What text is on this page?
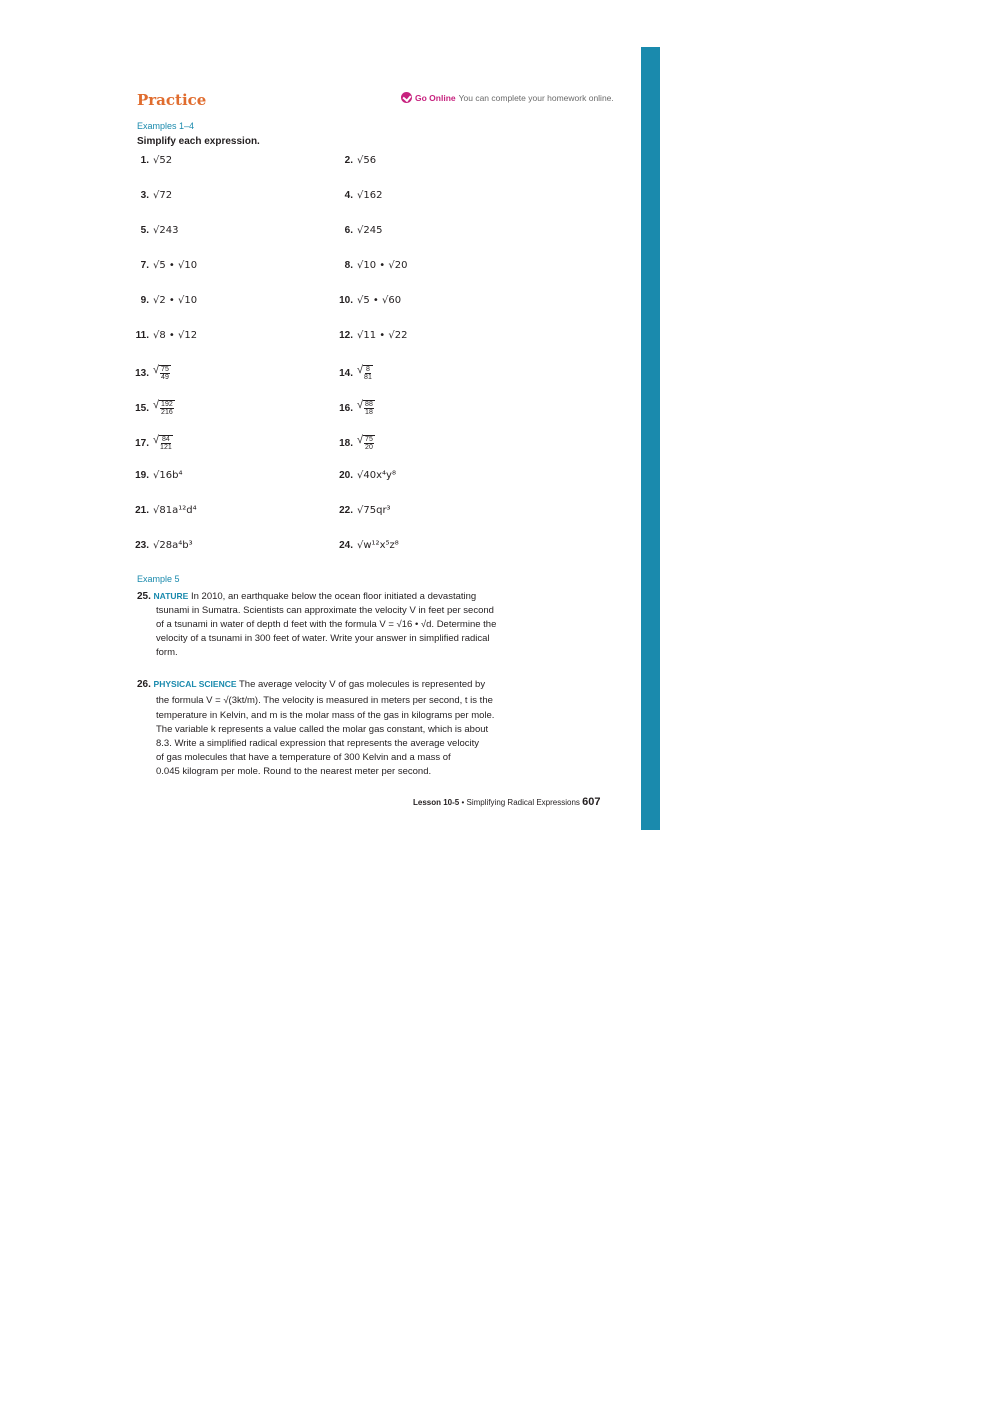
Practice	Go Online You can complete your homework online.
Examples 1–4
Simplify each expression.
1. √52	2. √56
3. √72	4. √162
5. √243	6. √245
7. √5 • √10	8. √10 • √20
9. √2 • √10	10. √5 • √60
11. √8 • √12	12. √11 • √22
13. √ $\frac{75}{49}$	14. √ $\frac{8}{81}$
15. √ $\frac{192}{216}$	16. √ $\frac{88}{18}$
17. √ $\frac{84}{121}$	18. √ $\frac{75}{20}$
19. √16b⁴	20. √40x⁴y⁸
21. √81a¹²d⁴	22. √75qr³
23. √28a⁴b³	24. √w¹²x⁵z⁸
Example 5
25. NATURE In 2010, an earthquake below the ocean floor initiated a devastating
tsunami in Sumatra. Scientists can approximate the velocity V in feet per second
of a tsunami in water of depth d feet with the formula V = √16 • √d. Determine the
velocity of a tsunami in 300 feet of water. Write your answer in simplified radical
form.
26. PHYSICAL SCIENCE The average velocity V of gas molecules is represented by
the formula V = √(3kt/m). The velocity is measured in meters per second, t is the
temperature in Kelvin, and m is the molar mass of the gas in kilograms per mole.
The variable k represents a value called the molar gas constant, which is about
8.3. Write a simplified radical expression that represents the average velocity
of gas molecules that have a temperature of 300 Kelvin and a mass of
0.045 kilogram per mole. Round to the nearest meter per second.
Lesson 10-5 • Simplifying Radical Expressions 607
